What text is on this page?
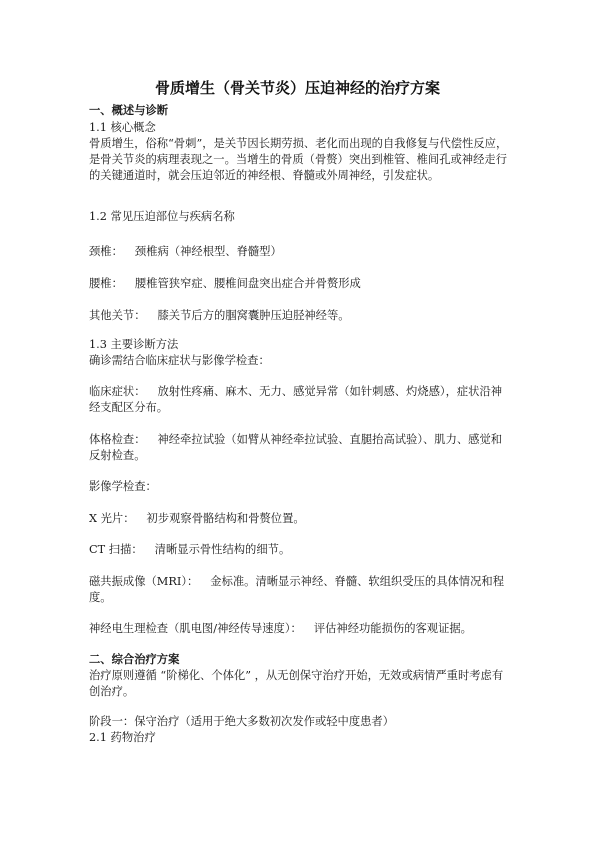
骨质增生（骨关节炎）压迫神经的治疗方案
一、概述与诊断
1.1 核心概念

骨质增生，俗称“骨刺”，是关节因长期劳损、老化而出现的自我修复与代偿性反应，是骨关节炎的病理表现之一。当增生的骨质（骨赘）突出到椎管、椎间孔或神经走行的关键通道时，就会压迫邻近的神经根、脊髓或外周神经，引发症状。

1.2 常见压迫部位与疾病名称
颈椎： 颈椎病（神经根型、脊髓型）
腰椎： 腰椎管狭窄症、腰椎间盘突出症合并骨赘形成
其他关节： 膝关节后方的腘窝囊肿压迫胫神经等。
1.3 主要诊断方法
确诊需结合临床症状与影像学检查：

临床症状： 放射性疼痛、麻木、无力、感觉异常（如针刺感、灼烧感），症状沿神经支配区分布。

体格检查： 神经牵拉试验（如臂从神经牵拉试验、直腿抬高试验）、肌力、感觉和反射检查。

影像学检查：
X 光片： 初步观察骨骼结构和骨赘位置。
CT 扫描： 清晰显示骨性结构的细节。

磁共振成像（MRI）： 金标准。清晰显示神经、脊髓、软组织受压的具体情况和程度。

神经电生理检查（肌电图/神经传导速度）： 评估神经功能损伤的客观证据。
二、综合治疗方案

治疗原则遵循 “阶梯化、个体化” ，从无创保守治疗开始，无效或病情严重时考虑有创治疗。

阶段一：保守治疗（适用于绝大多数初次发作或轻中度患者）
2.1 药物治疗
